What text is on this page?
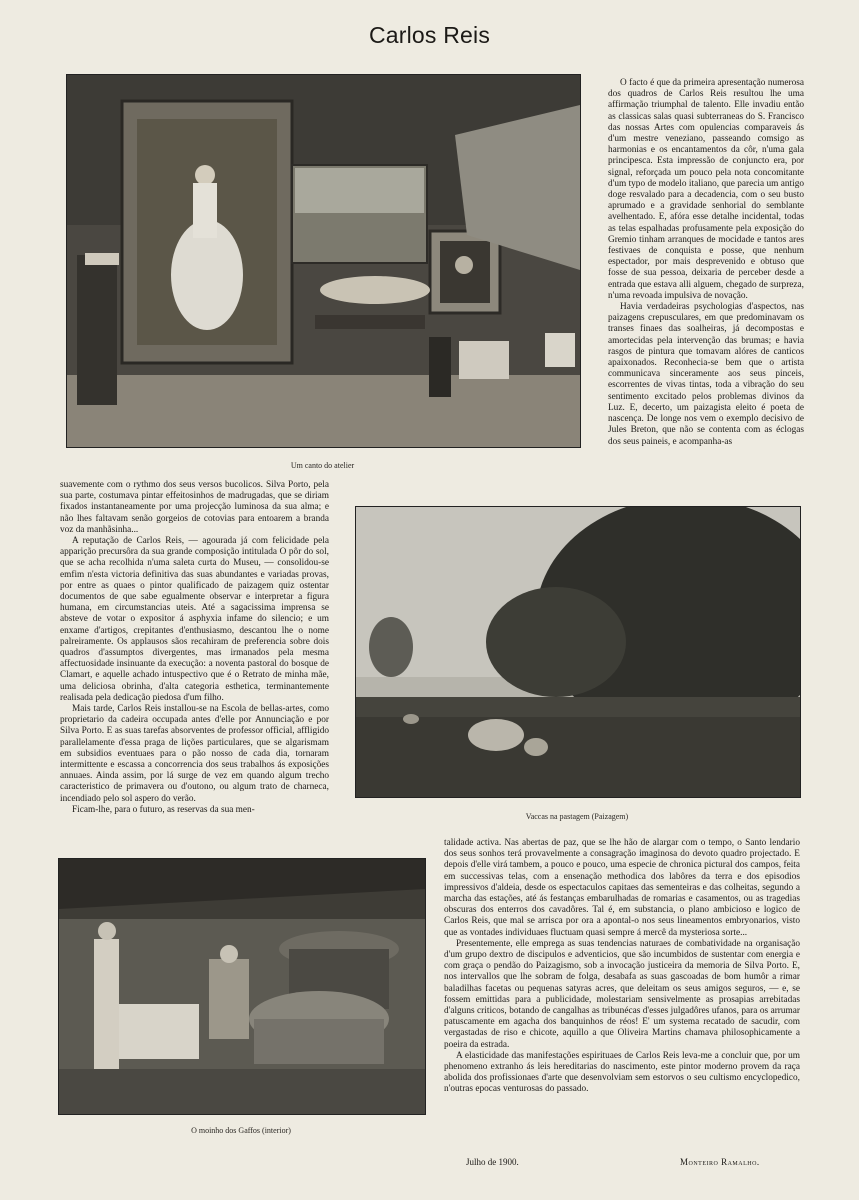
Carlos Reis
Um canto do atelier

O facto é que da primeira apresentação numerosa dos quadros de Carlos Reis resultou lhe uma affirmação triumphal de talento. Elle invadiu então as classicas salas quasi subterraneas do S. Francisco das nossas Artes com opulencias comparaveis ás d'um mestre veneziano, passeando comsigo as harmonias e os encantamentos da côr, n'uma gala principesca. Esta impressão de conjuncto era, por signal, reforçada um pouco pela nota concomitante d'um typo de modelo italiano, que parecia um antigo doge resvalado para a decadencia, com o seu busto aprumado e a gravidade senhorial do semblante avelhentado. E, afóra esse detalhe incidental, todas as telas espalhadas profusamente pela exposição do Gremio tinham arranques de mocidade e tantos ares festivaes de conquista e posse, que nenhum espectador, por mais desprevenido e obtuso que fosse de sua pessoa, deixaria de perceber desde a entrada que estava alli alguem, chegado de surpreza, n'uma revoada impulsiva de novação.

Havia verdadeiras psychologias d'aspectos, nas paizagens crepusculares, em que predominavam os transes finaes das soalheiras, já decompostas e amortecidas pela intervenção das brumas; e havia rasgos de pintura que tomavam alóres de canticos apaixonados. Reconhecia-se bem que o artista communicava sinceramente aos seus pinceis, escorrentes de vivas tintas, toda a vibração do seu sentimento excitado pelos problemas divinos da Luz. E, decerto, um paizagista eleito é poeta de nascença. De longe nos vem o exemplo decisivo de Jules Breton, que não se contenta com as éclogas dos seus paineis, e acompanha-as

suavemente com o rythmo dos seus versos bucolicos. Silva Porto, pela sua parte, costumava pintar effeitosinhos de madrugadas, que se diriam fixados instantaneamente por uma projecção luminosa da sua alma; e não lhes faltavam senão gorgeios de cotovias para entoarem a branda voz da manhãsinha...

A reputação de Carlos Reis, — agourada já com felicidade pela apparição precursôra da sua grande composição intitulada O pôr do sol, que se acha recolhida n'uma saleta curta do Museu, — consolidou-se emfim n'esta victoria definitiva das suas abundantes e variadas provas, por entre as quaes o pintor qualificado de paizagem quiz ostentar documentos de que sabe egualmente observar e interpretar a figura humana, em circumstancias uteis. Até a sagacissima imprensa se absteve de votar o expositor á asphyxia infame do silencio; e um enxame d'artigos, crepitantes d'enthusiasmo, descantou lhe o nome palreiramente. Os applausos sãos recahiram de preferencia sobre dois quadros d'assumptos divergentes, mas irmanados pela mesma affectuosidade insinuante da execução: a noventa pastoral do bosque de Clamart, e aquelle achado intuspectivo que é o Retrato de minha mãe, uma deliciosa obrinha, d'alta categoria esthetica, terminantemente realisada pela dedicação piedosa d'um filho.

Mais tarde, Carlos Reis installou-se na Escola de bellas-artes, como proprietario da cadeira occupada antes d'elle por Annunciação e por Silva Porto. E as suas tarefas absorventes de professor official, affligido parallelamente d'essa praga de lições particulares, que se algarismam em subsidios eventuaes para o pão nosso de cada dia, tornaram intermittente e escassa a concorrencia dos seus trabalhos ás exposições annuaes. Ainda assim, por lá surge de vez em quando algum trecho caracteristico de primavera ou d'outono, ou algum trato de charneca, incendiado pelo sol aspero do verão.

Ficam-lhe, para o futuro, as reservas da sua men-

Vaccas na pastagem (Paizagem)
O moinho dos Gaffos (interior)

talidade activa. Nas abertas de paz, que se lhe hão de alargar com o tempo, o Santo lendario dos seus sonhos terá provavelmente a consagração imaginosa do devoto quadro projectado. E depois d'elle virá tambem, a pouco e pouco, uma especie de chronica pictural dos campos, feita em successivas telas, com a ensenação methodica dos labôres da terra e dos episodios impressivos d'aldeia, desde os espectaculos capitaes das sementeiras e das colheitas, segundo a marcha das estações, até ás festanças embarulhadas de romarias e casamentos, ou as tragedias obscuras dos enterros dos cavadôres. Tal é, em substancia, o plano ambicioso e logico de Carlos Reis, que mal se arrisca por ora a apontal-o nos seus lineamentos embryonarios, visto que as vontades individuaes fluctuam quasi sempre á mercê da mysteriosa sorte...

Presentemente, elle emprega as suas tendencias naturaes de combatividade na organisação d'um grupo dextro de discipulos e adventicios, que são incumbidos de sustentar com energia e com graça o pendão do Paizagismo, sob a invocação justiceira da memoria de Silva Porto. E, nos intervallos que lhe sobram de folga, desabafa as suas gascoadas de bom humôr a rimar baladilhas facetas ou pequenas satyras acres, que deleitam os seus amigos seguros, — e, se fossem emittidas para a publicidade, molestariam sensivelmente as prosapias arrebitadas d'alguns criticos, botando de cangalhas as tribunécas d'esses julgadôres ufanos, para os arrumar patuscamente em agacha dos banquinhos de réos! E' um systema recatado de sacudir, com vergastadas de riso e chicote, aquillo a que Oliveira Martins chamava philosophicamente a poeira da estrada.

A elasticidade das manifestações espirituaes de Carlos Reis leva-me a concluir que, por um phenomeno extranho ás leis hereditarias do nascimento, este pintor moderno provem da raça abolida dos profissionaes d'arte que desenvolviam sem estorvos o seu cultismo encyclopedico, n'outras epocas venturosas do passado.

Julho de 1900.	Monteiro Ramalho.
